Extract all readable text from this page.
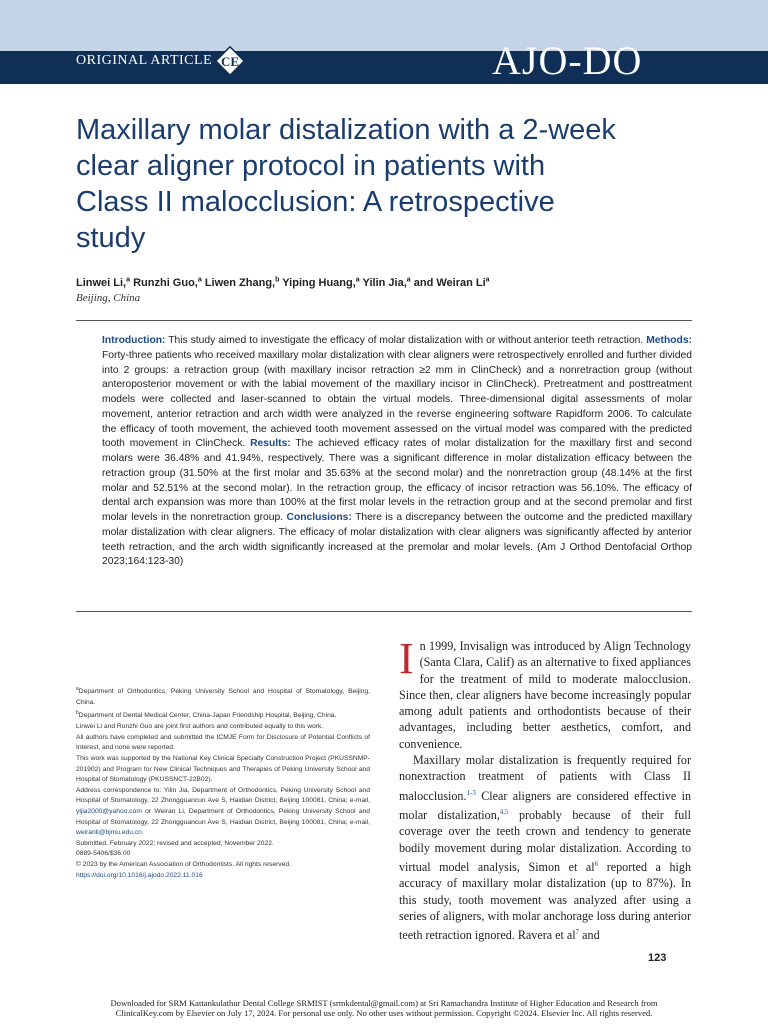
ORIGINAL ARTICLE CE	AJO-DO
Maxillary molar distalization with a 2-week clear aligner protocol in patients with Class II malocclusion: A retrospective study
Linwei Li,$^a$ Runzhi Guo,$^a$ Liwen Zhang,$^b$ Yiping Huang,$^a$ Yilin Jia,$^a$ and Weiran Li$^a$
Beijing, China

Introduction: This study aimed to investigate the efficacy of molar distalization with or without anterior teeth retraction. Methods: Forty-three patients who received maxillary molar distalization with clear aligners were retrospectively enrolled and further divided into 2 groups: a retraction group (with maxillary incisor retraction ≥2 mm in ClinCheck) and a nonretraction group (without anteroposterior movement or with the labial movement of the maxillary incisor in ClinCheck). Pretreatment and posttreatment models were collected and laser-scanned to obtain the virtual models. Three-dimensional digital assessments of molar movement, anterior retraction and arch width were analyzed in the reverse engineering software Rapidform 2006. To calculate the efficacy of tooth movement, the achieved tooth movement assessed on the virtual model was compared with the predicted tooth movement in ClinCheck. Results: The achieved efficacy rates of molar distalization for the maxillary first and second molars were 36.48% and 41.94%, respectively. There was a significant difference in molar distalization efficacy between the retraction group (31.50% at the first molar and 35.63% at the second molar) and the nonretraction group (48.14% at the first molar and 52.51% at the second molar). In the retraction group, the efficacy of incisor retraction was 56.10%. The efficacy of dental arch expansion was more than 100% at the first molar levels in the retraction group and at the second premolar and first molar levels in the nonretraction group. Conclusions: There is a discrepancy between the outcome and the predicted maxillary molar distalization with clear aligners. The efficacy of molar distalization with clear aligners was significantly affected by anterior teeth retraction, and the arch width significantly increased at the premolar and molar levels. (Am J Orthod Dentofacial Orthop 2023;164:123-30)

$^a$Department of Orthodontics, Peking University School and Hospital of Stomatology, Beijing, China.

$^b$Department of Dental Medical Center, China-Japan Friendship Hospital, Beijing, China.

Linwei Li and Runzhi Guo are joint first authors and contributed equally to this work.

All authors have completed and submitted the ICMJE Form for Disclosure of Potential Conflicts of Interest, and none were reported.

This work was supported by the National Key Clinical Specialty Construction Project (PKUSSNMP-201902) and Program for New Clinical Techniques and Therapies of Peking University School and Hospital of Stomatology (PKUSSNCT-22B02).

Address correspondence to: Yilin Jia, Department of Orthodontics, Peking University School and Hospital of Stomatology, 22 Zhongguancun Ave S, Haidian District, Beijing 100081, China; e-mail, yljia2000@yahoo.com or Weiran Li, Department of Orthodontics, Peking University School and Hospital of Stomatology, 22 Zhongguancun Ave S, Haidian District, Beijing 100081, China; e-mail, weiranli@bjmu.edu.cn.

Submitted, February 2022; revised and accepted, November 2022.

0889-5406/$36.00

© 2023 by the American Association of Orthodontists. All rights reserved.

https://doi.org/10.1016/j.ajodo.2022.11.016

In 1999, Invisalign was introduced by Align Technology (Santa Clara, Calif) as an alternative to fixed appliances for the treatment of mild to moderate malocclusion. Since then, clear aligners have become increasingly popular among adult patients and orthodontists because of their advantages, including better aesthetics, comfort, and convenience.

Maxillary molar distalization is frequently required for nonextraction treatment of patients with Class II malocclusion.$^{1-3}$ Clear aligners are considered effective in molar distalization,$^{4,5}$ probably because of their full coverage over the teeth crown and tendency to generate bodily movement during molar distalization. According to virtual model analysis, Simon et $al^6$ reported a high accuracy of maxillary molar distalization (up to 87%). In this study, tooth movement was analyzed after using a series of aligners, with molar anchorage loss during anterior teeth retraction ignored. Ravera et $al^7$ and

123

Downloaded for SRM Kattankulathur Dental College SRMIST (srmkdental@gmail.com) at Sri Ramachandra Institute of Higher Education and Research from

ClinicalKey.com by Elsevier on July 17, 2024. For personal use only. No other uses without permission. Copyright ©2024. Elsevier Inc. All rights reserved.
